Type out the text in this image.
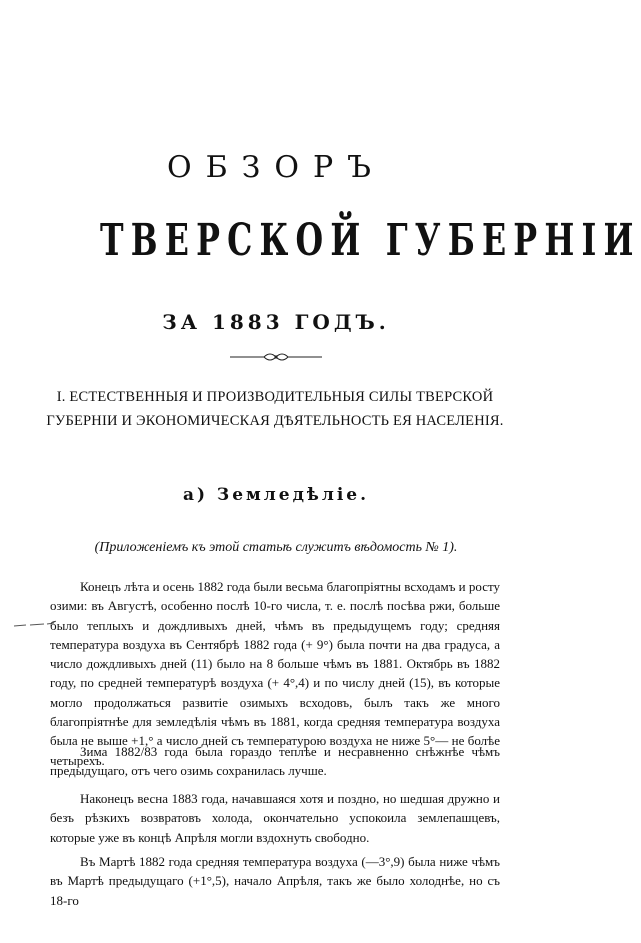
ОБЗОРЪ
ТВЕРСКОЙ ГУБЕРНІИ
ЗА 1883 ГОДЪ.
I. ЕСТЕСТВЕННЫЯ И ПРОИЗВОДИТЕЛЬНЫЯ СИЛЫ ТВЕРСКОЙ ГУБЕРНІИ И ЭКОНОМИЧЕСКАЯ ДѢЯТЕЛЬНОСТЬ ЕЯ НАСЕЛЕНІЯ.
а) Земледѣліе.
(Приложеніемъ къ этой статьѣ служитъ вѣдомость № 1).

Конецъ лѣта и осень 1882 года были весьма благопріятны всходамъ и росту озими: въ Августѣ, особенно послѣ 10-го числа, т. е. послѣ посѣва ржи, больше было теплыхъ и дождливыхъ дней, чѣмъ въ предыдущемъ году; средняя температура воздуха въ Сентябрѣ 1882 года (+ 9°) была почти на два градуса, а число дождливыхъ дней (11) было на 8 больше чѣмъ въ 1881. Октябрь въ 1882 году, по средней температурѣ воздуха (+ 4°,4) и по числу дней (15), въ которые могло продолжаться развитіе озимыхъ всходовъ, былъ такъ же много благопріятнѣе для земледѣлія чѣмъ въ 1881, когда средняя температура воздуха была не выше +1,° а число дней съ температурою воздуха не ниже 5°— не болѣе четырехъ.

Зима 1882/83 года была гораздо теплѣе и несравненно снѣжнѣе чѣмъ предыдущаго, отъ чего озимь сохранилась лучше.

Наконецъ весна 1883 года, начавшаяся хотя и поздно, но шедшая дружно и безъ рѣзкихъ возвратовъ холода, окончательно успокоила землепашцевъ, которые уже въ концѣ Апрѣля могли вздохнуть свободно.

Въ Мартѣ 1882 года средняя температура воздуха (—3°,9) была ниже чѣмъ въ Мартѣ предыдущаго (+1°,5), начало Апрѣля, такъ же было холоднѣе, но съ 18-го
